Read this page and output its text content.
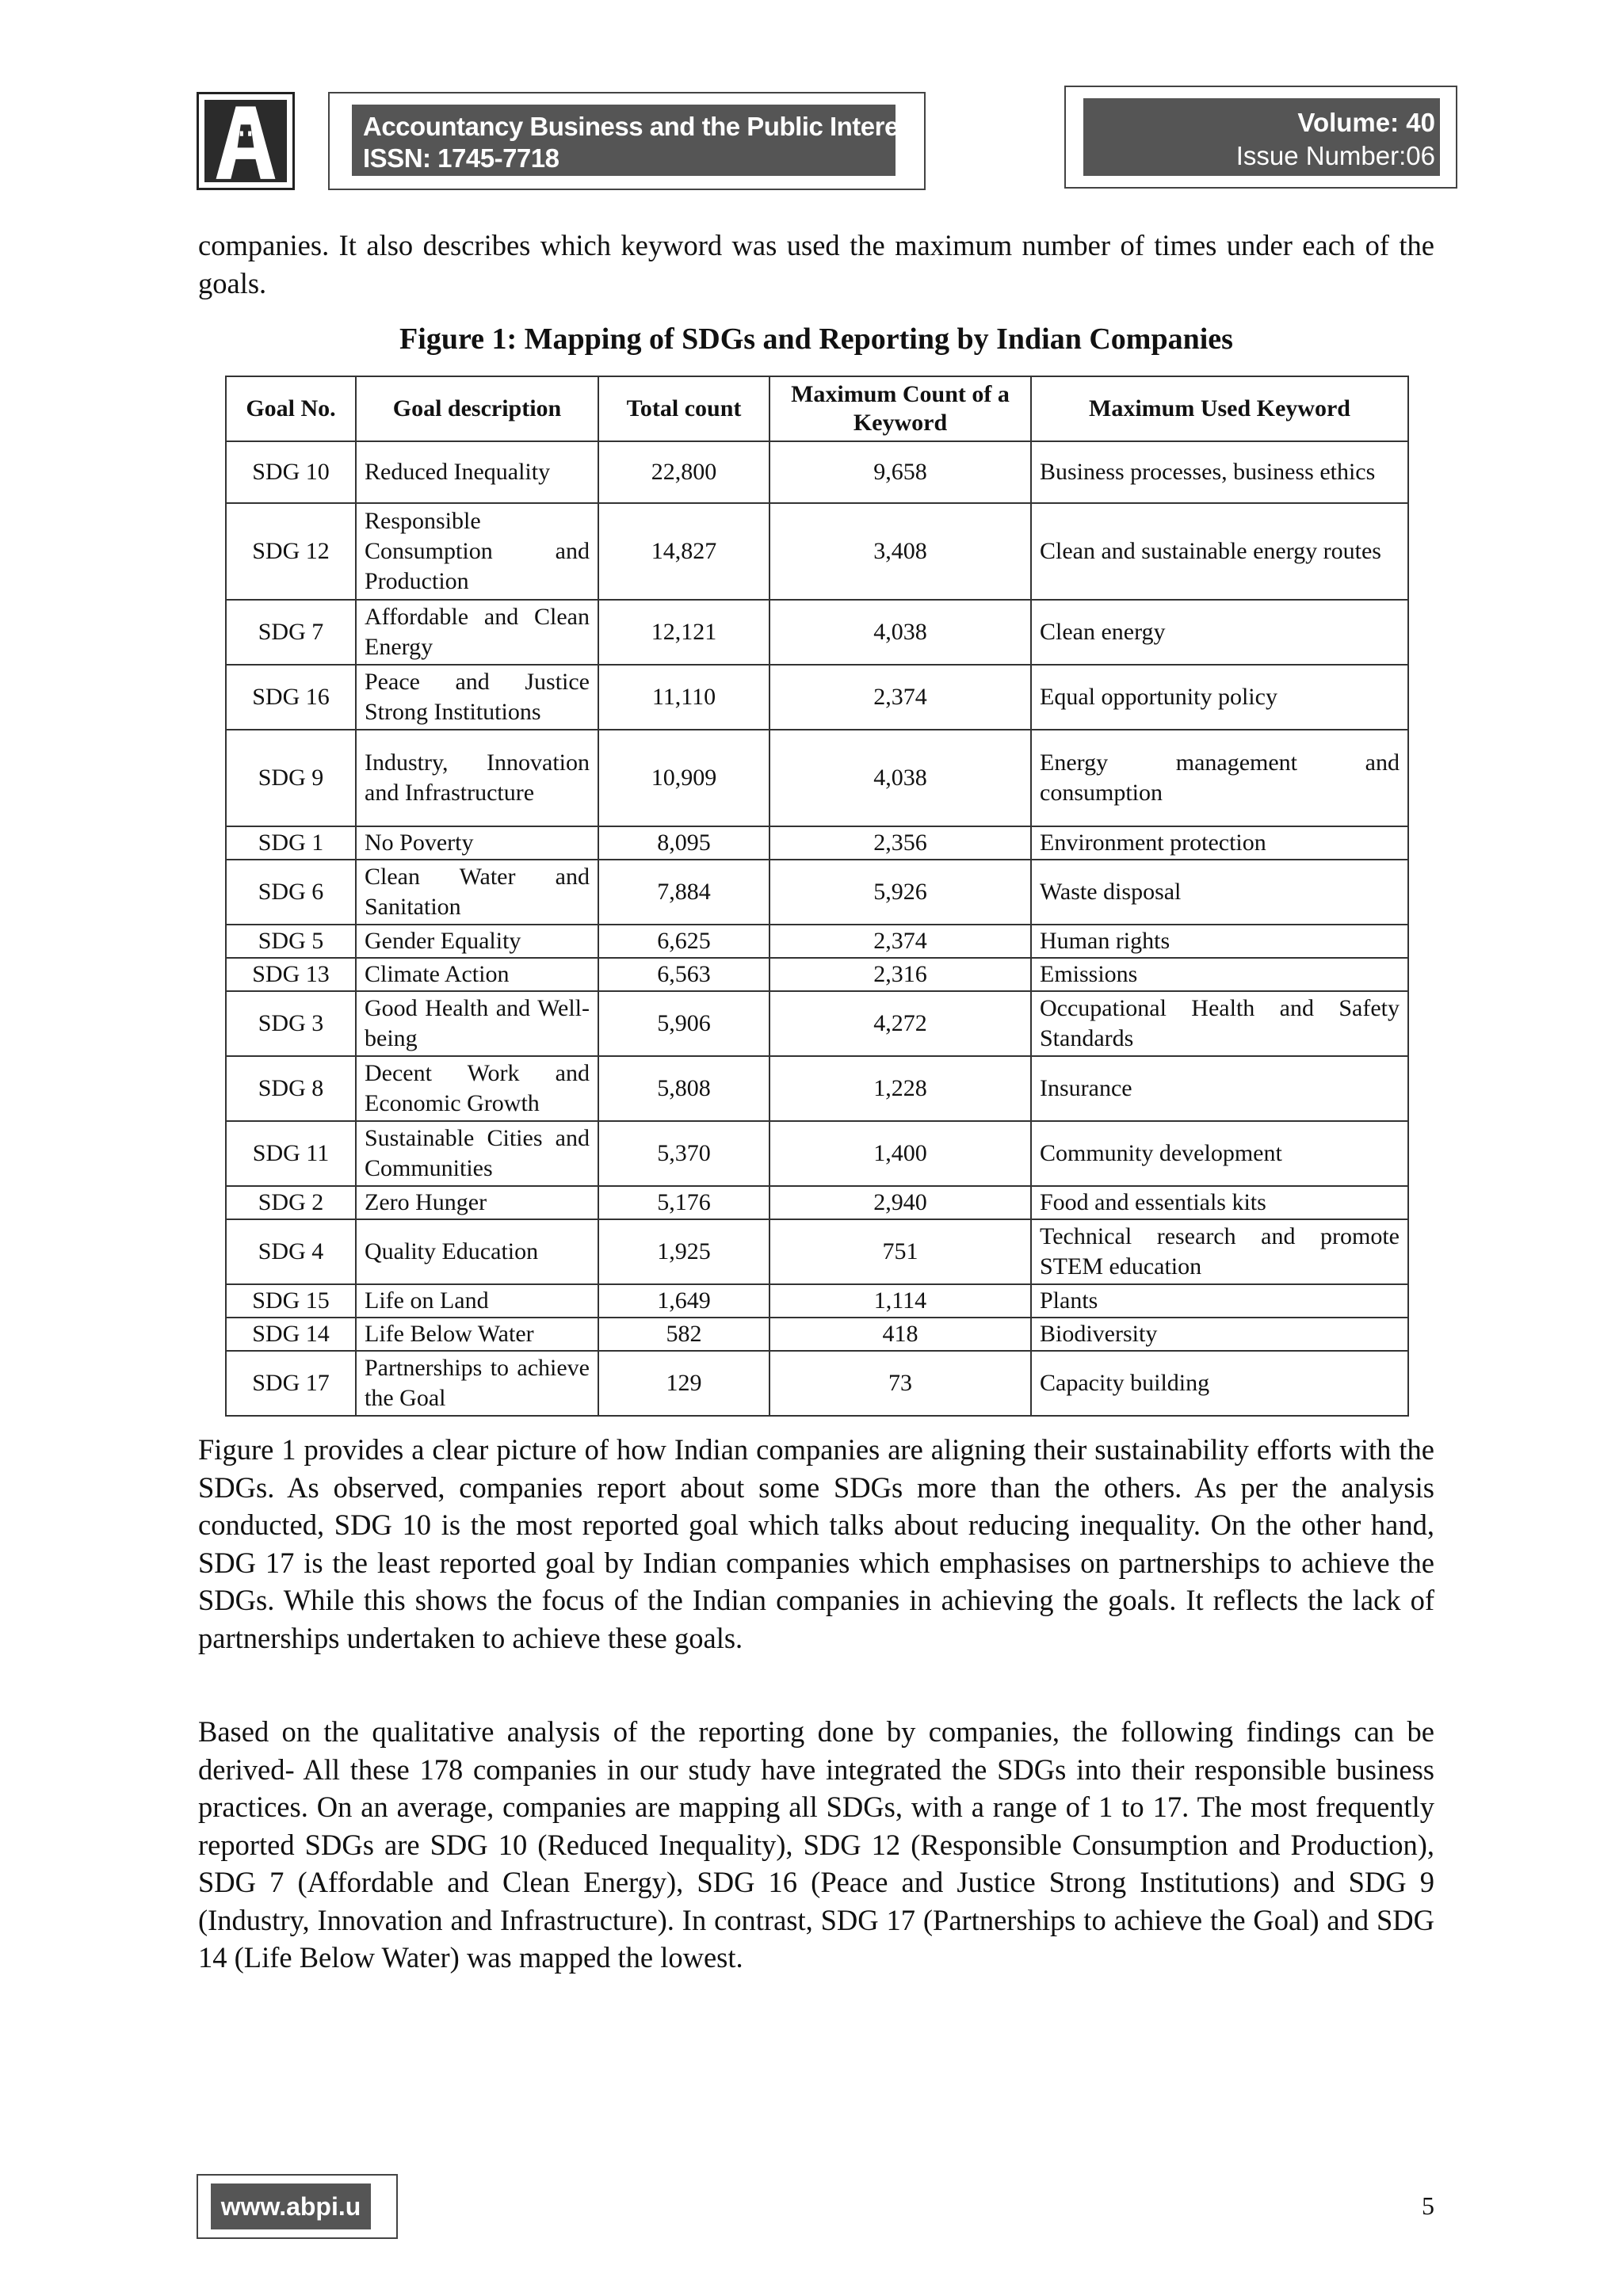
Accountancy Business and the Public Interest
ISSN: 1745-7718
Volume: 40
Issue Number:06

companies. It also describes which keyword was used the maximum number of times under each of the goals.

Figure 1: Mapping of SDGs and Reporting by Indian Companies

Goal No.	Goal description	Total count	Maximum Count of a Keyword	Maximum Used Keyword
SDG 10	Reduced Inequality	22,800	9,658	Business processes, business ethics
SDG 12	Responsible Consumption and Production	14,827	3,408	Clean and sustainable energy routes
SDG 7	Affordable and Clean Energy	12,121	4,038	Clean energy
SDG 16	Peace and Justice Strong Institutions	11,110	2,374	Equal opportunity policy
SDG 9	Industry, Innovation and Infrastructure	10,909	4,038	Energy management and consumption
SDG 1	No Poverty	8,095	2,356	Environment protection
SDG 6	Clean Water and Sanitation	7,884	5,926	Waste disposal
SDG 5	Gender Equality	6,625	2,374	Human rights
SDG 13	Climate Action	6,563	2,316	Emissions
SDG 3	Good Health and Well-being	5,906	4,272	Occupational Health and Safety Standards
SDG 8	Decent Work and Economic Growth	5,808	1,228	Insurance
SDG 11	Sustainable Cities and Communities	5,370	1,400	Community development
SDG 2	Zero Hunger	5,176	2,940	Food and essentials kits
SDG 4	Quality Education	1,925	751	Technical research and promote STEM education
SDG 15	Life on Land	1,649	1,114	Plants
SDG 14	Life Below Water	582	418	Biodiversity
SDG 17	Partnerships to achieve the Goal	129	73	Capacity building

Figure 1 provides a clear picture of how Indian companies are aligning their sustainability efforts with the SDGs. As observed, companies report about some SDGs more than the others. As per the analysis conducted, SDG 10 is the most reported goal which talks about reducing inequality. On the other hand, SDG 17 is the least reported goal by Indian companies which emphasises on partnerships to achieve the SDGs. While this shows the focus of the Indian companies in achieving the goals. It reflects the lack of partnerships undertaken to achieve these goals.

Based on the qualitative analysis of the reporting done by companies, the following findings can be derived- All these 178 companies in our study have integrated the SDGs into their responsible business practices. On an average, companies are mapping all SDGs, with a range of 1 to 17. The most frequently reported SDGs are SDG 10 (Reduced Inequality), SDG 12 (Responsible Consumption and Production), SDG 7 (Affordable and Clean Energy), SDG 16 (Peace and Justice Strong Institutions) and SDG 9 (Industry, Innovation and Infrastructure). In contrast, SDG 17 (Partnerships to achieve the Goal) and SDG 14 (Life Below Water) was mapped the lowest.

www.abpi.u	5
